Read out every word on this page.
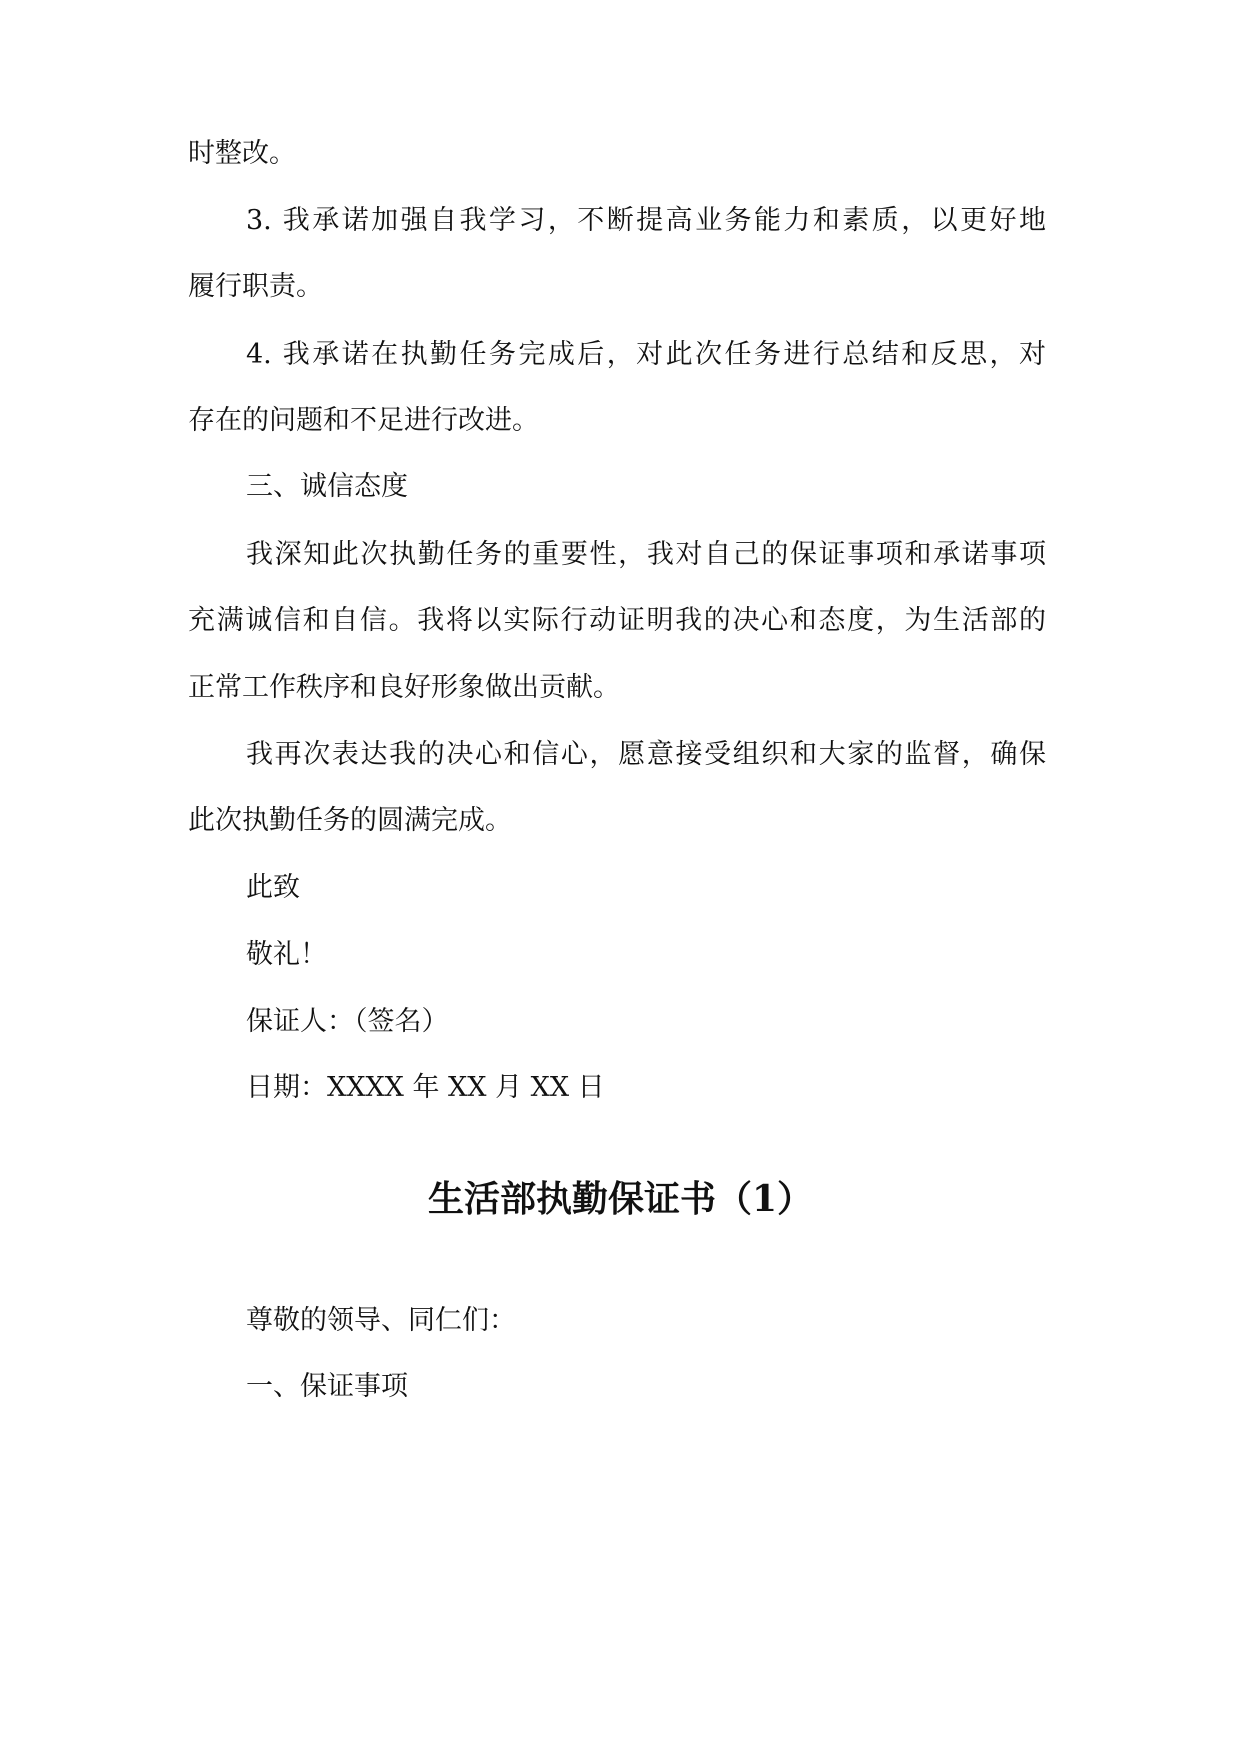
时整改。
3. 我承诺加强自我学习，不断提高业务能力和素质，以更好地
履行职责。
4. 我承诺在执勤任务完成后，对此次任务进行总结和反思，对
存在的问题和不足进行改进。
三、诚信态度
我深知此次执勤任务的重要性，我对自己的保证事项和承诺事项
充满诚信和自信。我将以实际行动证明我的决心和态度，为生活部的
正常工作秩序和良好形象做出贡献。
我再次表达我的决心和信心，愿意接受组织和大家的监督，确保
此次执勤任务的圆满完成。
此致
敬礼！
保证人：（签名）
日期：XXXX 年 XX 月 XX 日
生活部执勤保证书（1）
尊敬的领导、同仁们：
一、保证事项
